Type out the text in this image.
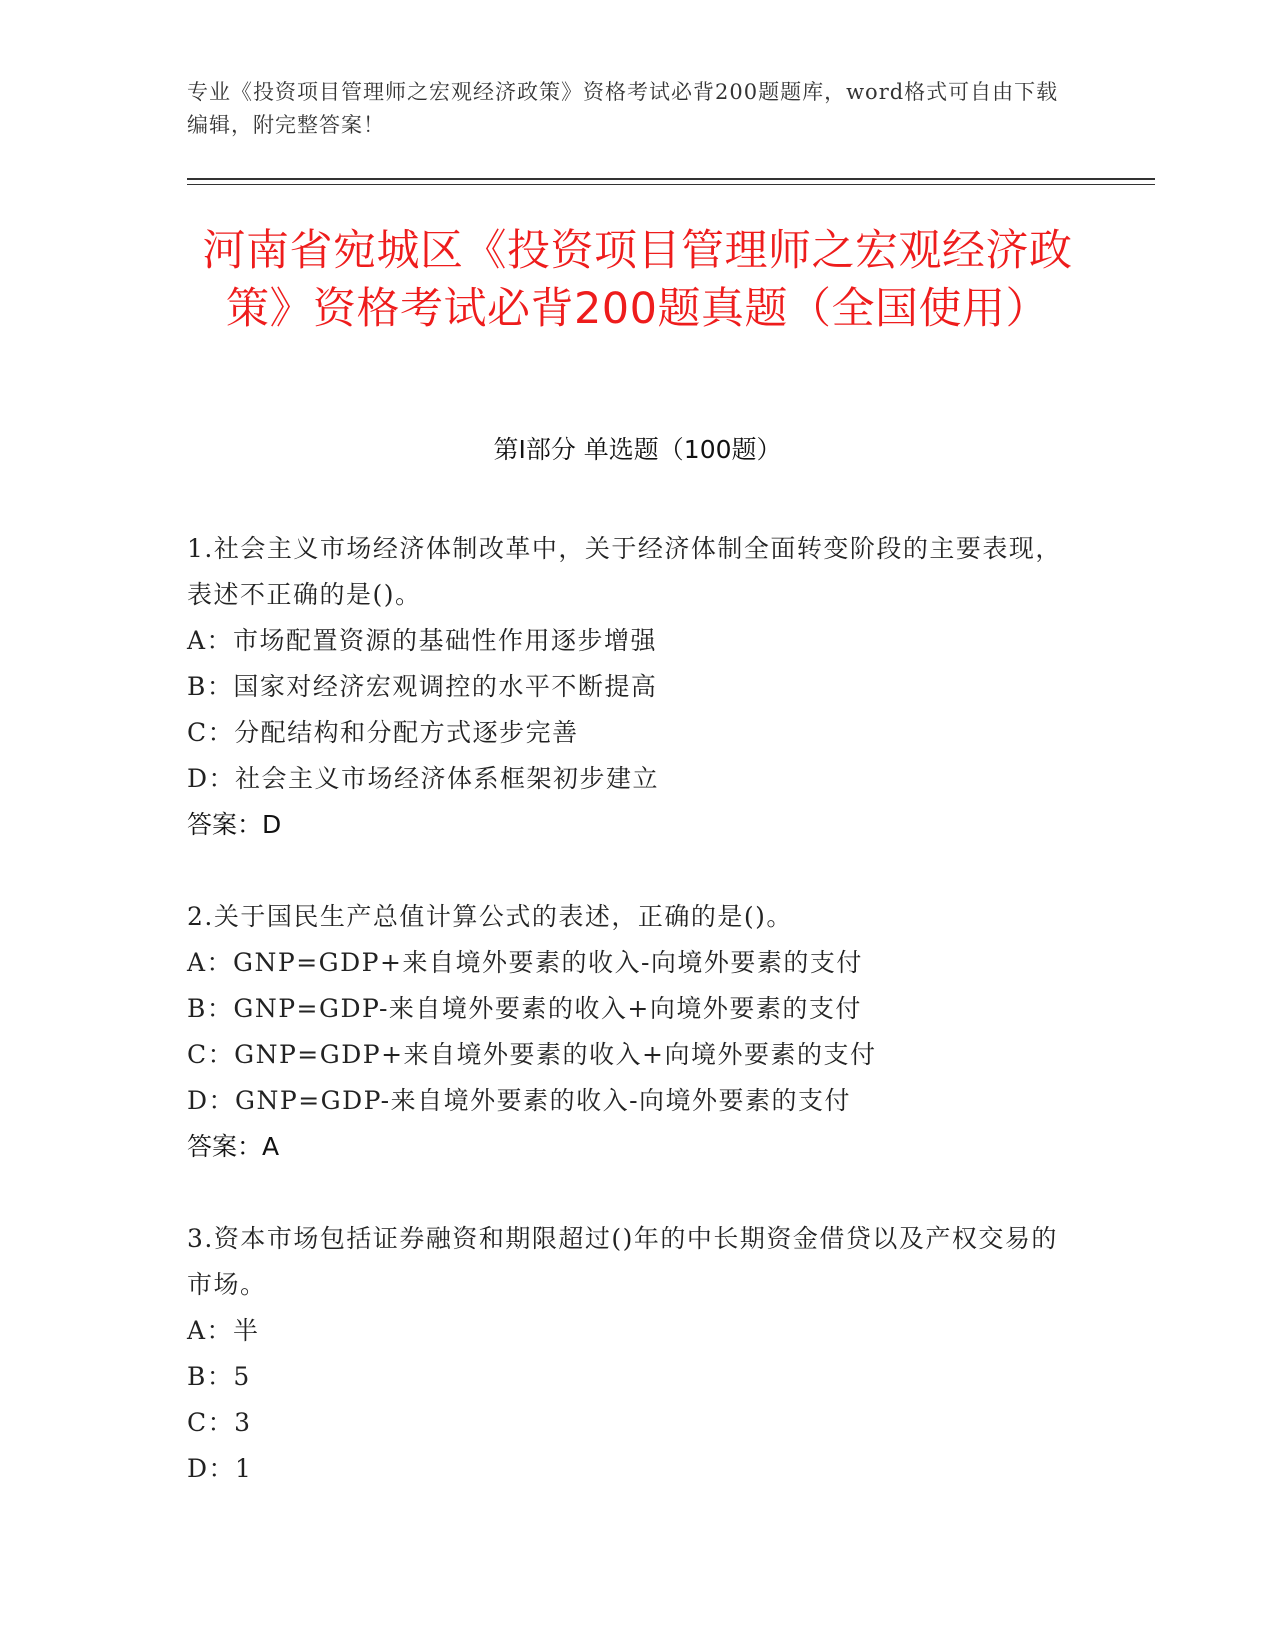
专业《投资项目管理师之宏观经济政策》资格考试必背200题题库，word格式可自由下载编辑，附完整答案！
河南省宛城区《投资项目管理师之宏观经济政策》资格考试必背200题真题（全国使用）
第Ⅰ部分 单选题（100题）
1.社会主义市场经济体制改革中，关于经济体制全面转变阶段的主要表现，表述不正确的是()。
A：市场配置资源的基础性作用逐步增强
B：国家对经济宏观调控的水平不断提高
C：分配结构和分配方式逐步完善
D：社会主义市场经济体系框架初步建立
答案：D
2.关于国民生产总值计算公式的表述，正确的是()。
A：GNP=GDP+来自境外要素的收入-向境外要素的支付
B：GNP=GDP-来自境外要素的收入+向境外要素的支付
C：GNP=GDP+来自境外要素的收入+向境外要素的支付
D：GNP=GDP-来自境外要素的收入-向境外要素的支付
答案：A
3.资本市场包括证券融资和期限超过()年的中长期资金借贷以及产权交易的市场。
A：半
B：5
C：3
D：1
